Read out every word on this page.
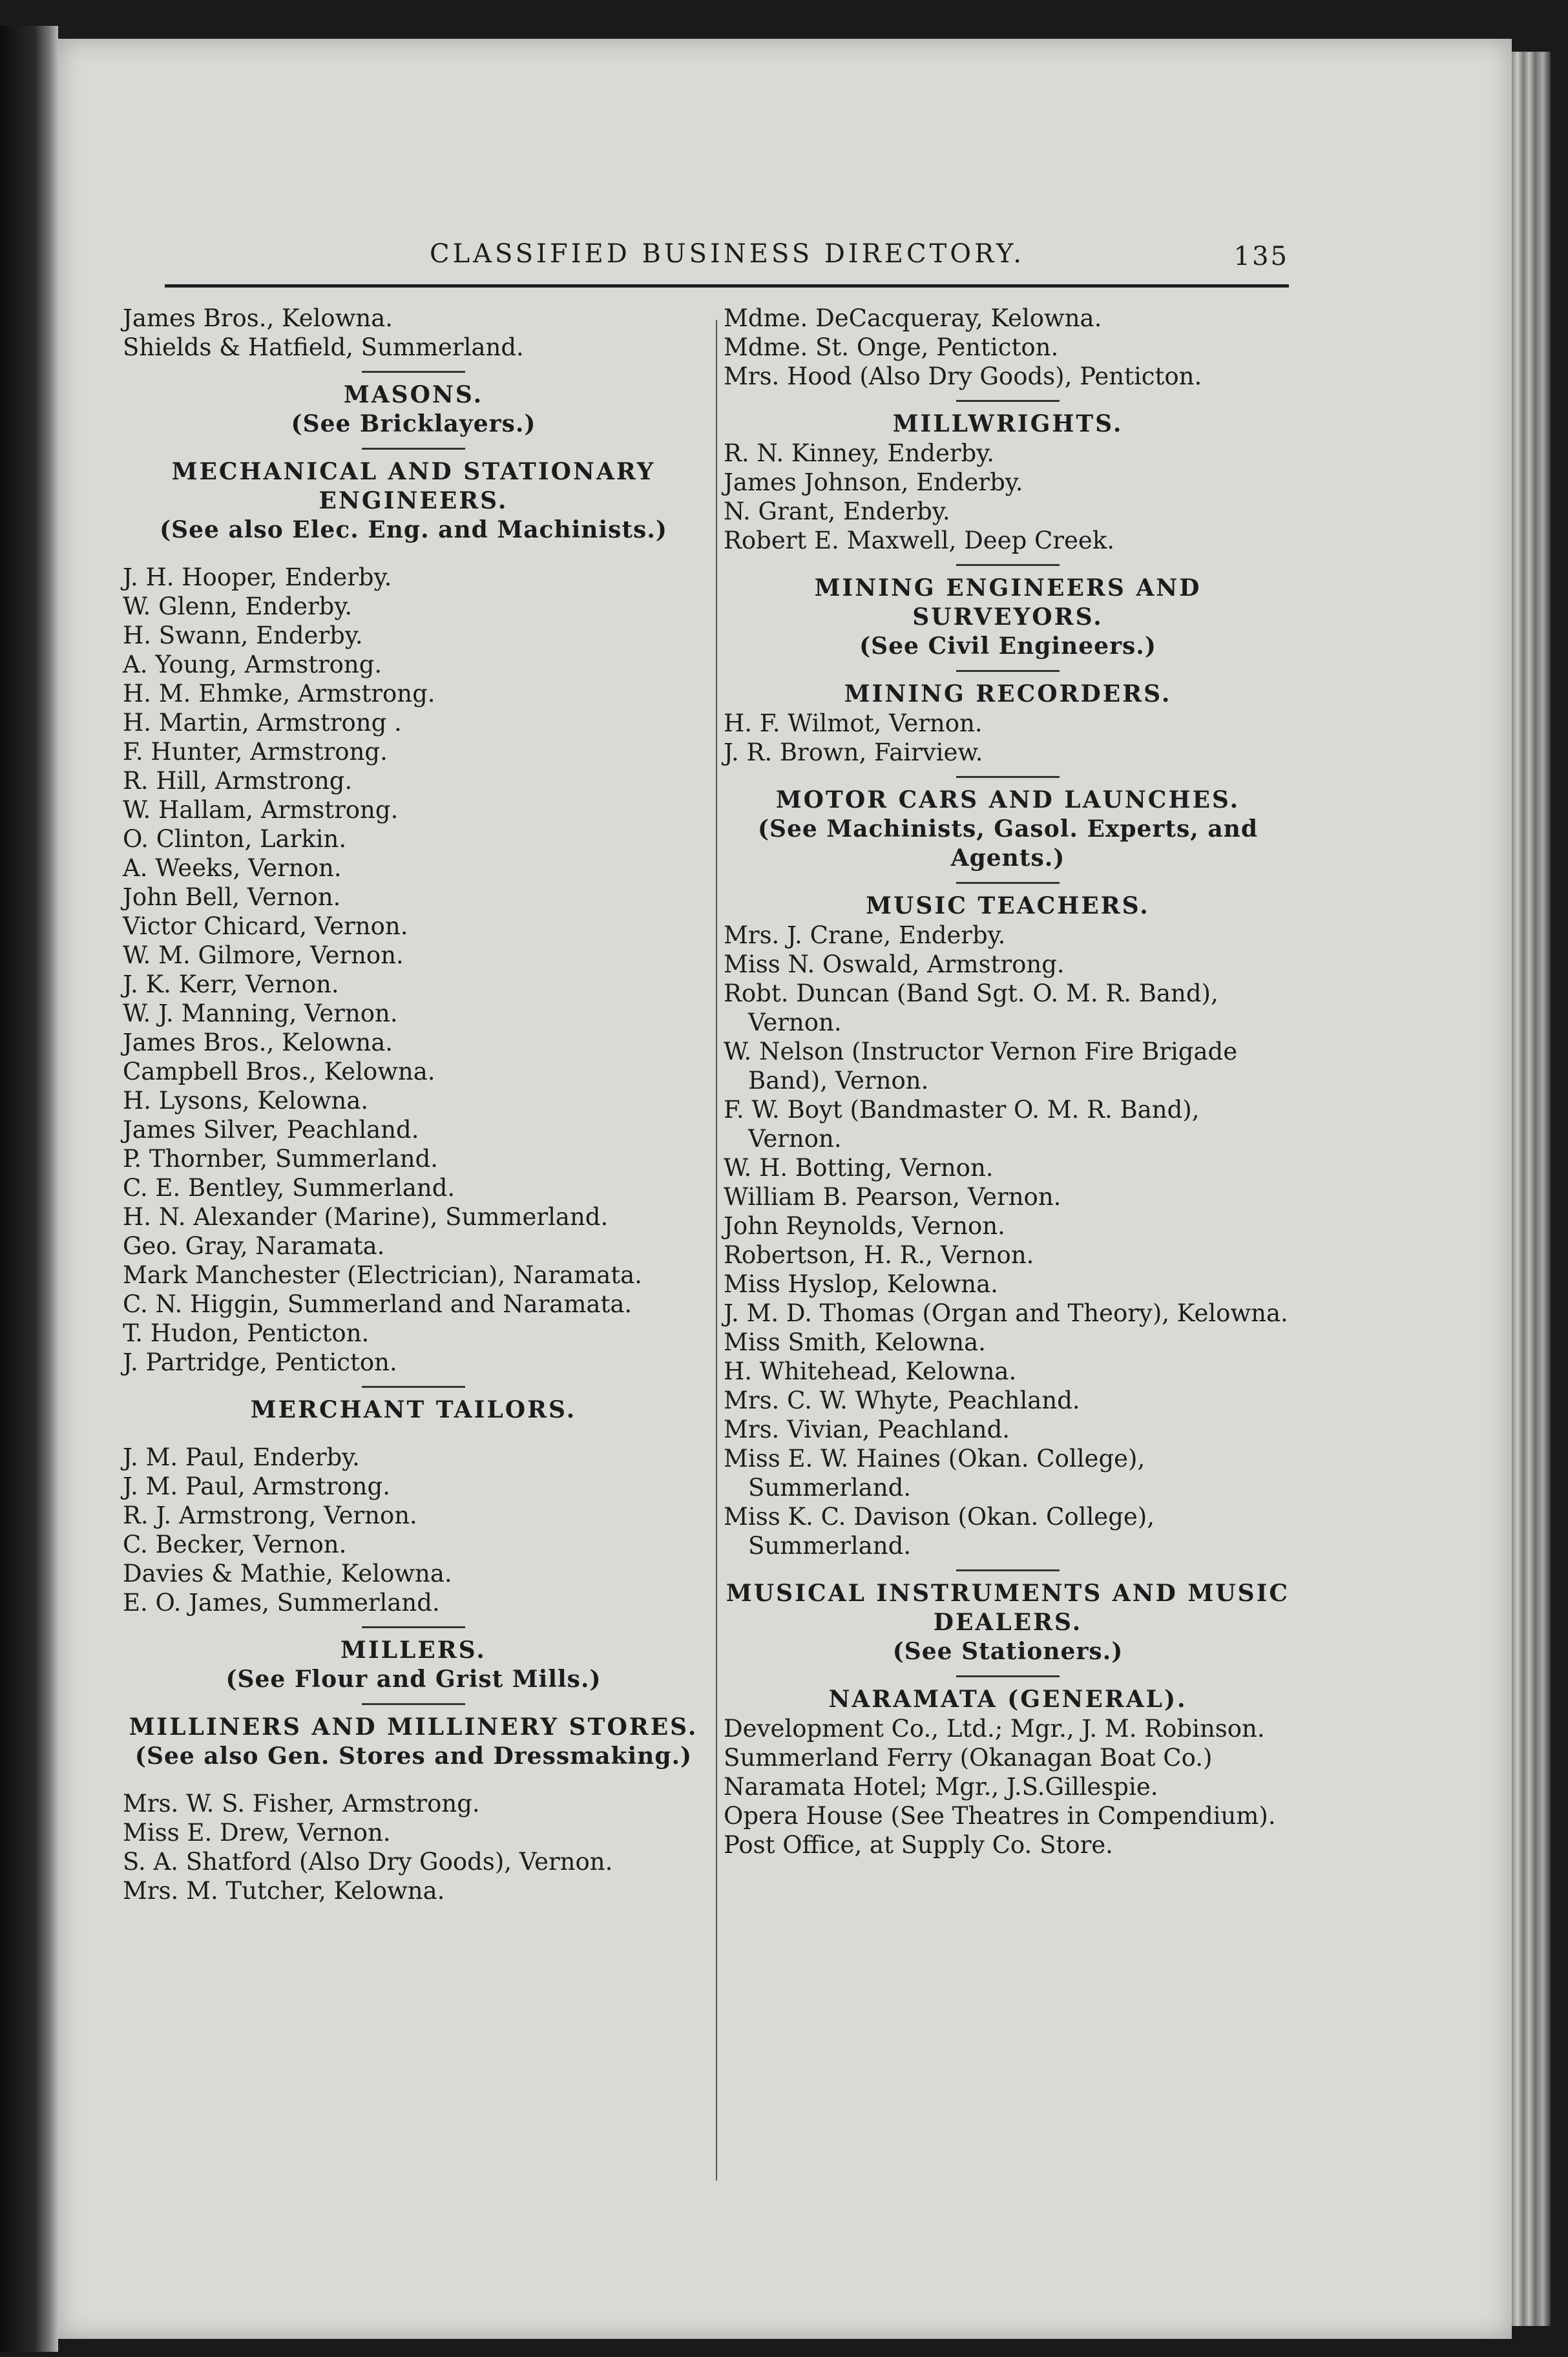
CLASSIFIED BUSINESS DIRECTORY.	135
James Bros., Kelowna.
Shields & Hatfield, Summerland.
MASONS.
(See Bricklayers.)
MECHANICAL AND STATIONARY ENGINEERS.
(See also Elec. Eng. and Machinists.)
J. H. Hooper, Enderby.
W. Glenn, Enderby.
H. Swann, Enderby.
A. Young, Armstrong.
H. M. Ehmke, Armstrong.
H. Martin, Armstrong .
F. Hunter, Armstrong.
R. Hill, Armstrong.
W. Hallam, Armstrong.
O. Clinton, Larkin.
A. Weeks, Vernon.
John Bell, Vernon.
Victor Chicard, Vernon.
W. M. Gilmore, Vernon.
J. K. Kerr, Vernon.
W. J. Manning, Vernon.
James Bros., Kelowna.
Campbell Bros., Kelowna.
H. Lysons, Kelowna.
James Silver, Peachland.
P. Thornber, Summerland.
C. E. Bentley, Summerland.
H. N. Alexander (Marine), Summerland.
Geo. Gray, Naramata.
Mark Manchester (Electrician), Naramata.
C. N. Higgin, Summerland and Naramata.
T. Hudon, Penticton.
J. Partridge, Penticton.
MERCHANT TAILORS.
J. M. Paul, Enderby.
J. M. Paul, Armstrong.
R. J. Armstrong, Vernon.
C. Becker, Vernon.
Davies & Mathie, Kelowna.
E. O. James, Summerland.
MILLERS.
(See Flour and Grist Mills.)
MILLINERS AND MILLINERY STORES.
(See also Gen. Stores and Dressmaking.)
Mrs. W. S. Fisher, Armstrong.
Miss E. Drew, Vernon.
S. A. Shatford (Also Dry Goods), Vernon.
Mrs. M. Tutcher, Kelowna.
Mdme. DeCacqueray, Kelowna.
Mdme. St. Onge, Penticton.
Mrs. Hood (Also Dry Goods), Penticton.
MILLWRIGHTS.
R. N. Kinney, Enderby.
James Johnson, Enderby.
N. Grant, Enderby.
Robert E. Maxwell, Deep Creek.
MINING ENGINEERS AND SURVEYORS.
(See Civil Engineers.)
MINING RECORDERS.
H. F. Wilmot, Vernon.
J. R. Brown, Fairview.
MOTOR CARS AND LAUNCHES.
(See Machinists, Gasol. Experts, and Agents.)
MUSIC TEACHERS.
Mrs. J. Crane, Enderby.
Miss N. Oswald, Armstrong.
Robt. Duncan (Band Sgt. O. M. R. Band), Vernon.
W. Nelson (Instructor Vernon Fire Brigade Band), Vernon.
F. W. Boyt (Bandmaster O. M. R. Band), Vernon.
W. H. Botting, Vernon.
William B. Pearson, Vernon.
John Reynolds, Vernon.
Robertson, H. R., Vernon.
Miss Hyslop, Kelowna.
J. M. D. Thomas (Organ and Theory), Kelowna.
Miss Smith, Kelowna.
H. Whitehead, Kelowna.
Mrs. C. W. Whyte, Peachland.
Mrs. Vivian, Peachland.
Miss E. W. Haines (Okan. College), Summerland.
Miss K. C. Davison (Okan. College), Summerland.
MUSICAL INSTRUMENTS AND MUSIC DEALERS.
(See Stationers.)
NARAMATA (GENERAL).
Development Co., Ltd.; Mgr., J. M. Robinson.
Summerland Ferry (Okanagan Boat Co.)
Naramata Hotel; Mgr., J.S.Gillespie.
Opera House (See Theatres in Compendium).
Post Office, at Supply Co. Store.
